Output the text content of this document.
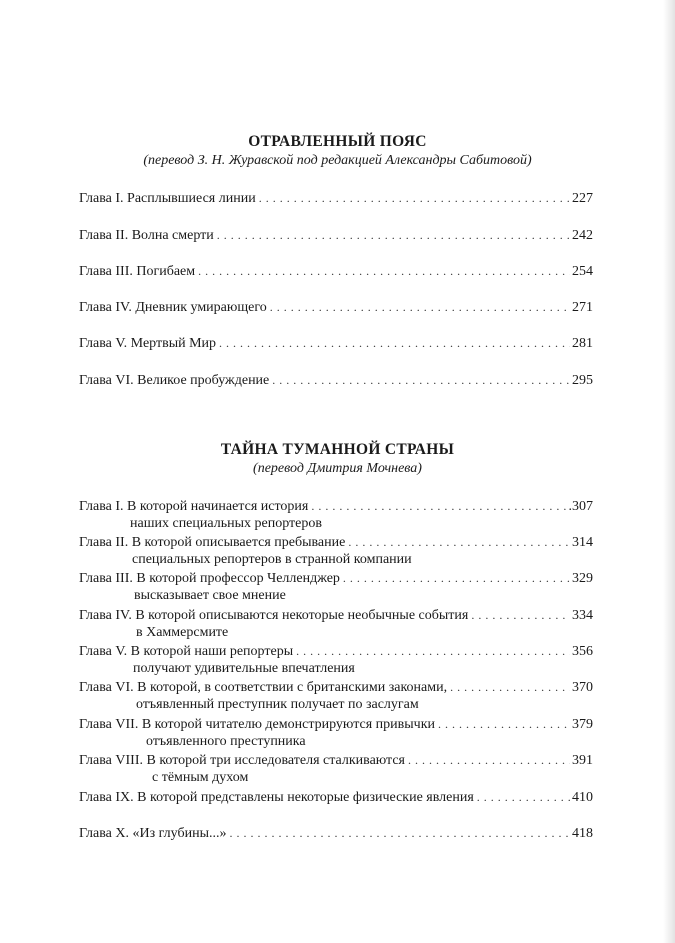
ОТРАВЛЕННЫЙ ПОЯС
(перевод З. Н. Журавской под редакцией Александры Сабитовой)
Глава I. Расплывшиеся линии . . .	227
Глава II. Волна смерти . . .	242
Глава III. Погибаем . . .	254
Глава IV. Дневник умирающего . . .	271
Глава V. Мертвый Мир . . .	281
Глава VI. Великое пробуждение . . .	295
ТАЙНА ТУМАННОЙ СТРАНЫ
(перевод Дмитрия Мочнева)
Глава I. В которой начинается история . . .	.307
наших специальных репортеров
Глава II. В которой описывается пребывание . . .	314
специальных репортеров в странной компании
Глава III. В которой профессор Челленджер . . .	329
высказывает свое мнение
Глава IV. В которой описываются некоторые необычные события . . .	334
в Хаммерсмите
Глава V. В которой наши репортеры . . .	356
получают удивительные впечатления
Глава VI. В которой, в соответствии с британскими законами, . . .	370
отъявленный преступник получает по заслугам
Глава VII. В которой читателю демонстрируются привычки . . .	379
отъявленного преступника
Глава VIII. В которой три исследователя сталкиваются . . .	391
с тёмным духом
Глава IX. В которой представлены некоторые физические явления . . .	410
Глава X. «Из глубины...» . . .	418
